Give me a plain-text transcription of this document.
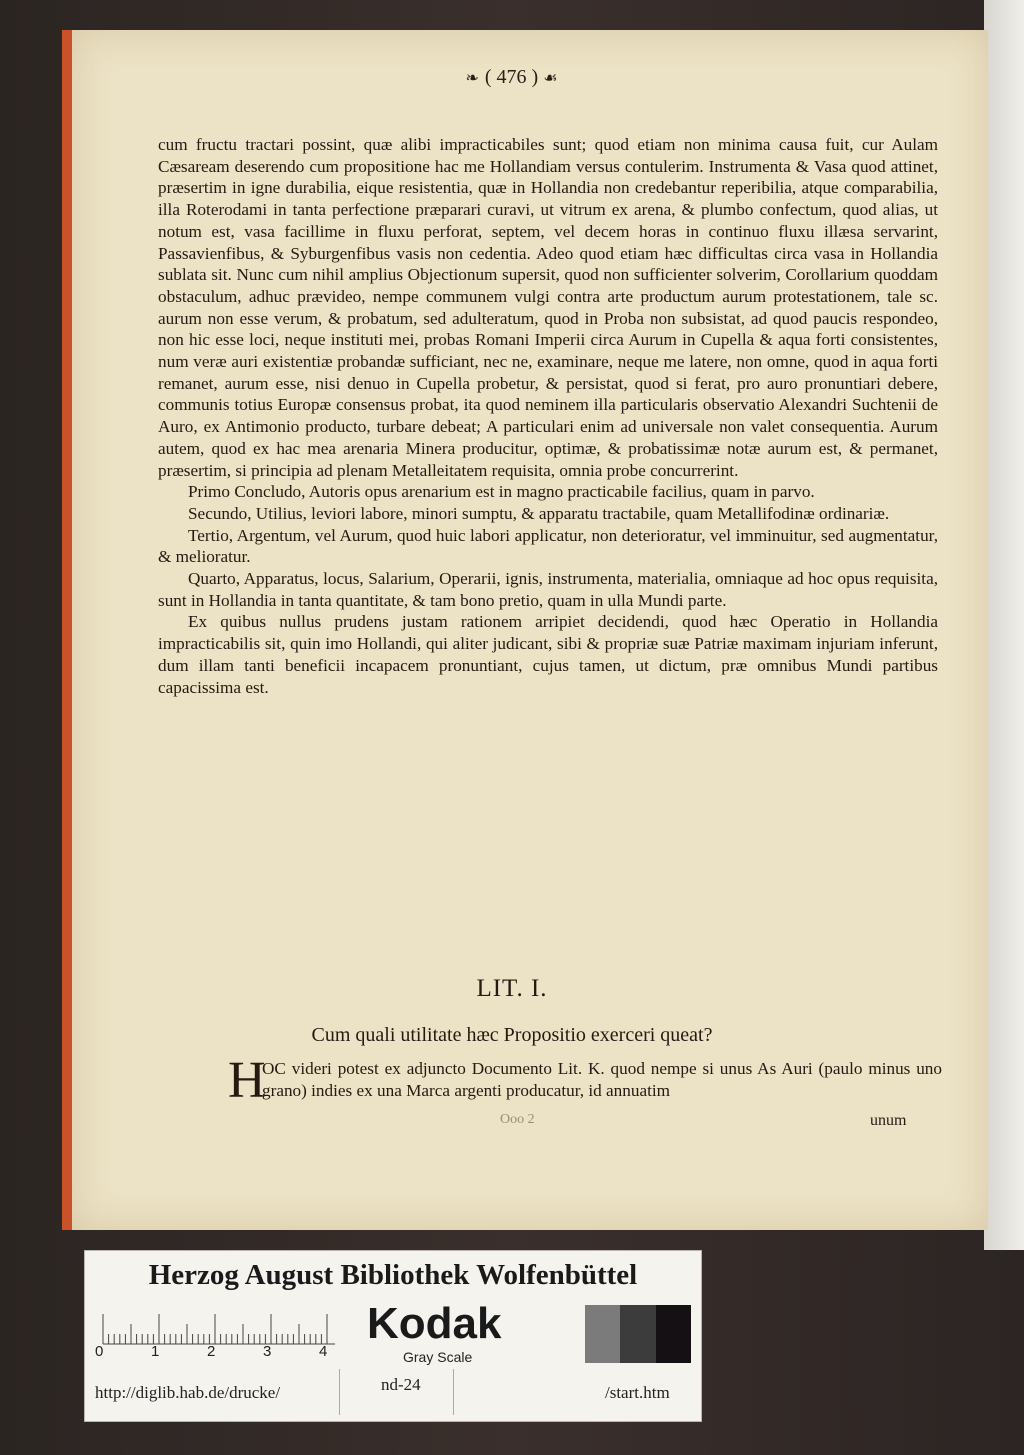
❧ ( 476 ) ☙

cum fructu tractari possint, quæ alibi impracticabiles sunt; quod etiam non minima causa fuit, cur Aulam Cæsaream deserendo cum propositione hac me Hollandiam versus contulerim. Instrumenta & Vasa quod attinet, præsertim in igne durabilia, eique resistentia, quæ in Hollandia non credebantur reperibilia, atque comparabilia, illa Roterodami in tanta perfectione præparari curavi, ut vitrum ex arena, & plumbo confectum, quod alias, ut notum est, vasa facillime in fluxu perforat, septem, vel decem horas in continuo fluxu illæsa servarint, Passavienfibus, & Syburgenfibus vasis non cedentia. Adeo quod etiam hæc difficultas circa vasa in Hollandia sublata sit. Nunc cum nihil amplius Objectionum supersit, quod non sufficienter solverim, Corollarium quoddam obstaculum, adhuc prævideo, nempe communem vulgi contra arte productum aurum protestationem, tale sc. aurum non esse verum, & probatum, sed adulteratum, quod in Proba non subsistat, ad quod paucis respondeo, non hic esse loci, neque instituti mei, probas Romani Imperii circa Aurum in Cupella & aqua forti consistentes, num veræ auri existentiæ probandæ sufficiant, nec ne, examinare, neque me latere, non omne, quod in aqua forti remanet, aurum esse, nisi denuo in Cupella probetur, & persistat, quod si ferat, pro auro pronuntiari debere, communis totius Europæ consensus probat, ita quod neminem illa particularis observatio Alexandri Suchtenii de Auro, ex Antimonio producto, turbare debeat; A particulari enim ad universale non valet consequentia. Aurum autem, quod ex hac mea arenaria Minera producitur, optimæ, & probatissimæ notæ aurum est, & permanet, præsertim, si principia ad plenam Metalleitatem requisita, omnia probe concurrerint.

Primo Concludo, Autoris opus arenarium est in magno practicabile facilius, quam in parvo.

Secundo, Utilius, leviori labore, minori sumptu, & apparatu tractabile, quam Metallifodinæ ordinariæ.

Tertio, Argentum, vel Aurum, quod huic labori applicatur, non deterioratur, vel imminuitur, sed augmentatur, & melioratur.

Quarto, Apparatus, locus, Salarium, Operarii, ignis, instrumenta, materialia, omniaque ad hoc opus requisita, sunt in Hollandia in tanta quantitate, & tam bono pretio, quam in ulla Mundi parte.

Ex quibus nullus prudens justam rationem arripiet decidendi, quod hæc Operatio in Hollandia impracticabilis sit, quin imo Hollandi, qui aliter judicant, sibi & propriæ suæ Patriæ maximam injuriam inferunt, dum illam tanti beneficii incapacem pronuntiant, cujus tamen, ut dictum, præ omnibus Mundi partibus capacissima est.

LIT. I.
Cum quali utilitate hæc Propositio exerceri queat?
H
OC videri potest ex adjuncto Documento Lit. K. quod nempe si unus As Auri (paulo minus uno grano) indies ex una Marca argenti producatur, id annuatim
Ooo 2	unum
Herzog August Bibliothek Wolfenbüttel
0	1	2	3	4
Kodak
Gray Scale
http://diglib.hab.de/drucke/	nd-24	/start.htm
